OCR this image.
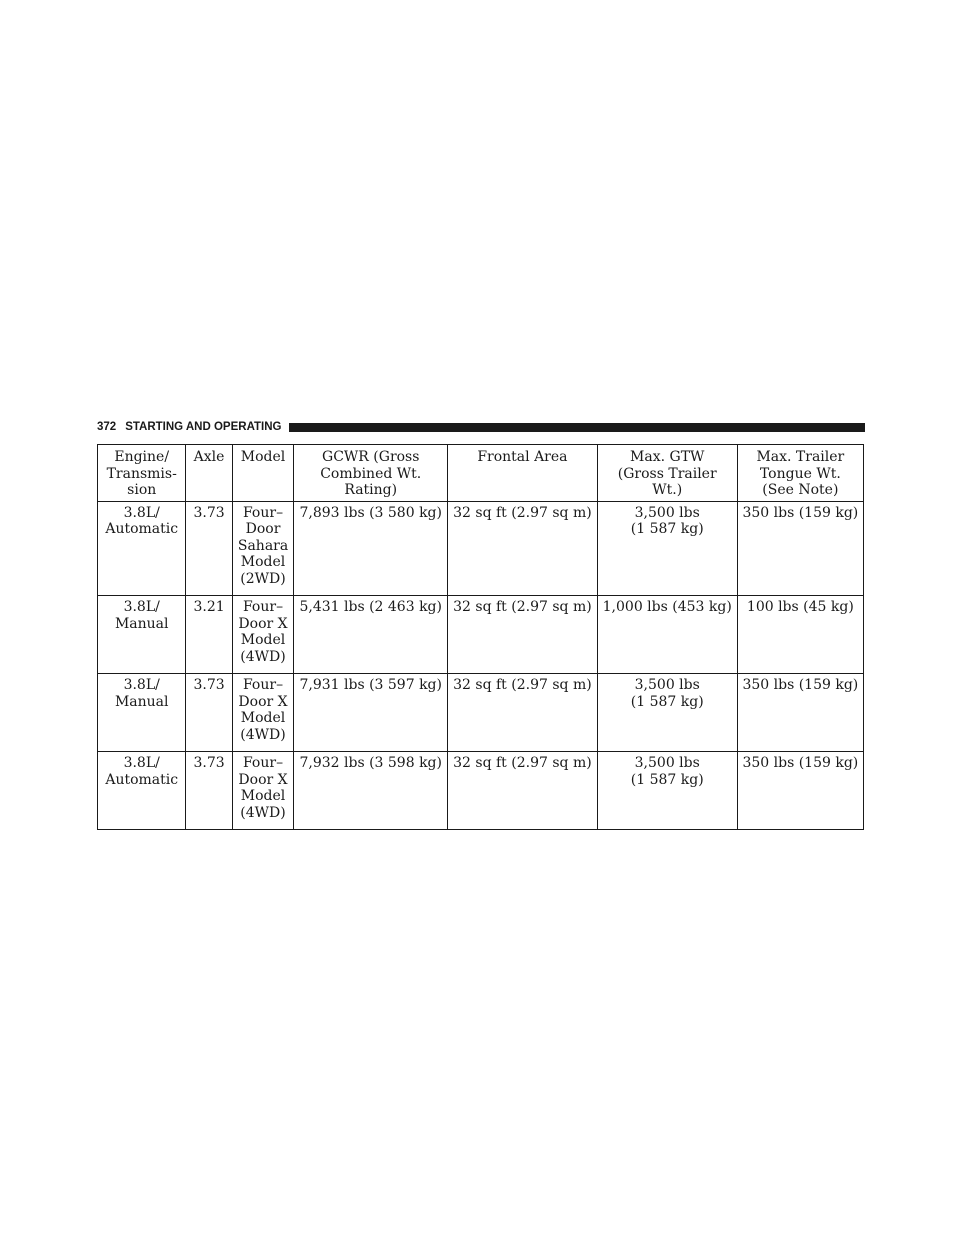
372 STARTING AND OPERATING
Engine/
Transmis-
sion	Axle	Model	GCWR (Gross
Combined Wt.
Rating)	Frontal Area	Max. GTW
(Gross Trailer
Wt.)	Max. Trailer
Tongue Wt.
(See Note)

3.8L/
Automatic	3.73	Four–
Door
Sahara
Model
(2WD)	7,893 lbs (3 580 kg)	32 sq ft (2.97 sq m)	3,500 lbs
(1 587 kg)	350 lbs (159 kg)

3.8L/
Manual	3.21	Four–
Door X
Model
(4WD)	5,431 lbs (2 463 kg)	32 sq ft (2.97 sq m)	1,000 lbs (453 kg)	100 lbs (45 kg)

3.8L/
Manual	3.73	Four–
Door X
Model
(4WD)	7,931 lbs (3 597 kg)	32 sq ft (2.97 sq m)	3,500 lbs
(1 587 kg)	350 lbs (159 kg)

3.8L/
Automatic	3.73	Four–
Door X
Model
(4WD)	7,932 lbs (3 598 kg)	32 sq ft (2.97 sq m)	3,500 lbs
(1 587 kg)	350 lbs (159 kg)
